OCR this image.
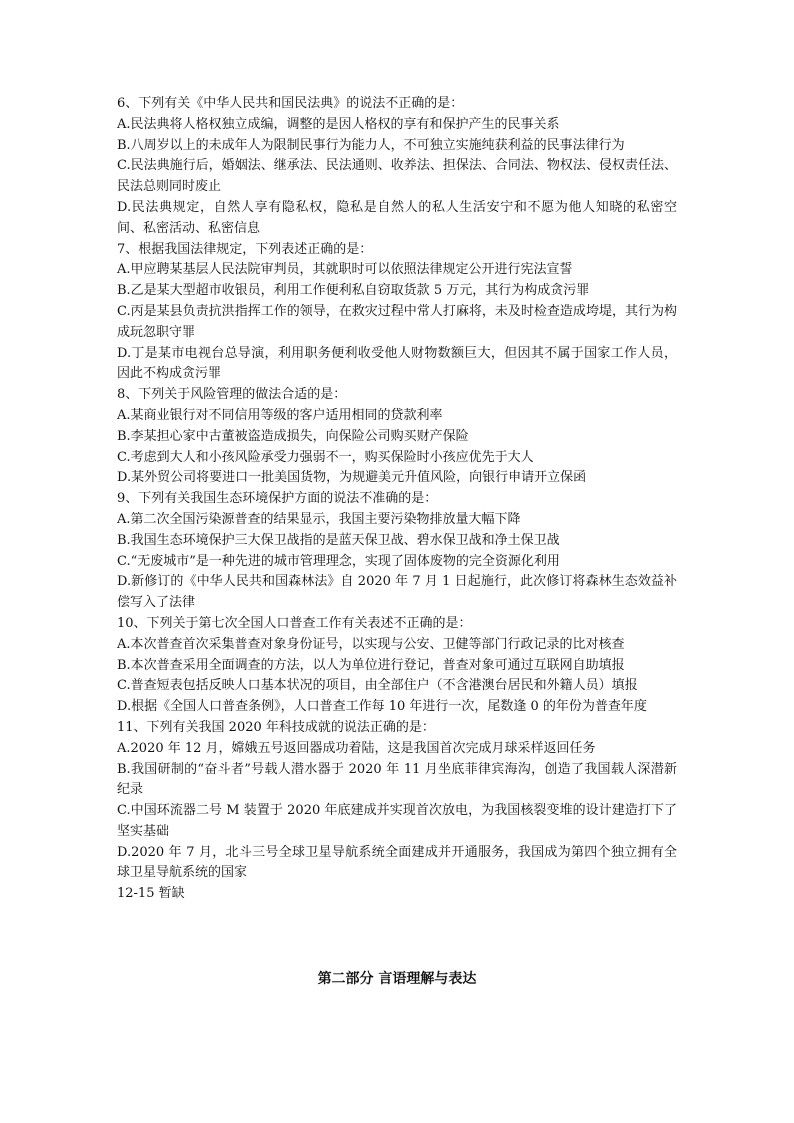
6、下列有关《中华人民共和国民法典》的说法不正确的是：

A.民法典将人格权独立成编，调整的是因人格权的享有和保护产生的民事关系

B.八周岁以上的未成年人为限制民事行为能力人，不可独立实施纯获利益的民事法律行为

C.民法典施行后，婚姻法、继承法、民法通则、收养法、担保法、合同法、物权法、侵权责任法、民法总则同时废止

D.民法典规定，自然人享有隐私权，隐私是自然人的私人生活安宁和不愿为他人知晓的私密空间、私密活动、私密信息

7、根据我国法律规定，下列表述正确的是：

A.甲应聘某基层人民法院审判员，其就职时可以依照法律规定公开进行宪法宣誓

B.乙是某大型超市收银员，利用工作便利私自窃取货款 5 万元，其行为构成贪污罪

C.丙是某县负责抗洪指挥工作的领导，在救灾过程中常人打麻将，未及时检查造成垮堤，其行为构成玩忽职守罪

D.丁是某市电视台总导演，利用职务便利收受他人财物数额巨大，但因其不属于国家工作人员，因此不构成贪污罪

8、下列关于风险管理的做法合适的是：

A.某商业银行对不同信用等级的客户适用相同的贷款利率

B.李某担心家中古董被盗造成损失，向保险公司购买财产保险

C.考虑到大人和小孩风险承受力强弱不一，购买保险时小孩应优先于大人

D.某外贸公司将要进口一批美国货物，为规避美元升值风险，向银行申请开立保函

9、下列有关我国生态环境保护方面的说法不准确的是：

A.第二次全国污染源普查的结果显示，我国主要污染物排放量大幅下降

B.我国生态环境保护三大保卫战指的是蓝天保卫战、碧水保卫战和净土保卫战

C.“无废城市”是一种先进的城市管理理念，实现了固体废物的完全资源化利用

D.新修订的《中华人民共和国森林法》自 2020 年 7 月 1 日起施行，此次修订将森林生态效益补偿写入了法律

10、下列关于第七次全国人口普查工作有关表述不正确的是：

A.本次普查首次采集普查对象身份证号，以实现与公安、卫健等部门行政记录的比对核查

B.本次普查采用全面调查的方法，以人为单位进行登记，普查对象可通过互联网自助填报

C.普查短表包括反映人口基本状况的项目，由全部住户（不含港澳台居民和外籍人员）填报

D.根据《全国人口普查条例》，人口普查工作每 10 年进行一次，尾数逢 0 的年份为普查年度

11、下列有关我国 2020 年科技成就的说法正确的是：

A.2020 年 12 月，嫦娥五号返回器成功着陆，这是我国首次完成月球采样返回任务

B.我国研制的“奋斗者”号载人潜水器于 2020 年 11 月坐底菲律宾海沟，创造了我国载人深潜新纪录

C.中国环流器二号 M 装置于 2020 年底建成并实现首次放电，为我国核裂变堆的设计建造打下了坚实基础

D.2020 年 7 月，北斗三号全球卫星导航系统全面建成并开通服务，我国成为第四个独立拥有全球卫星导航系统的国家

12-15 暂缺

第二部分 言语理解与表达
